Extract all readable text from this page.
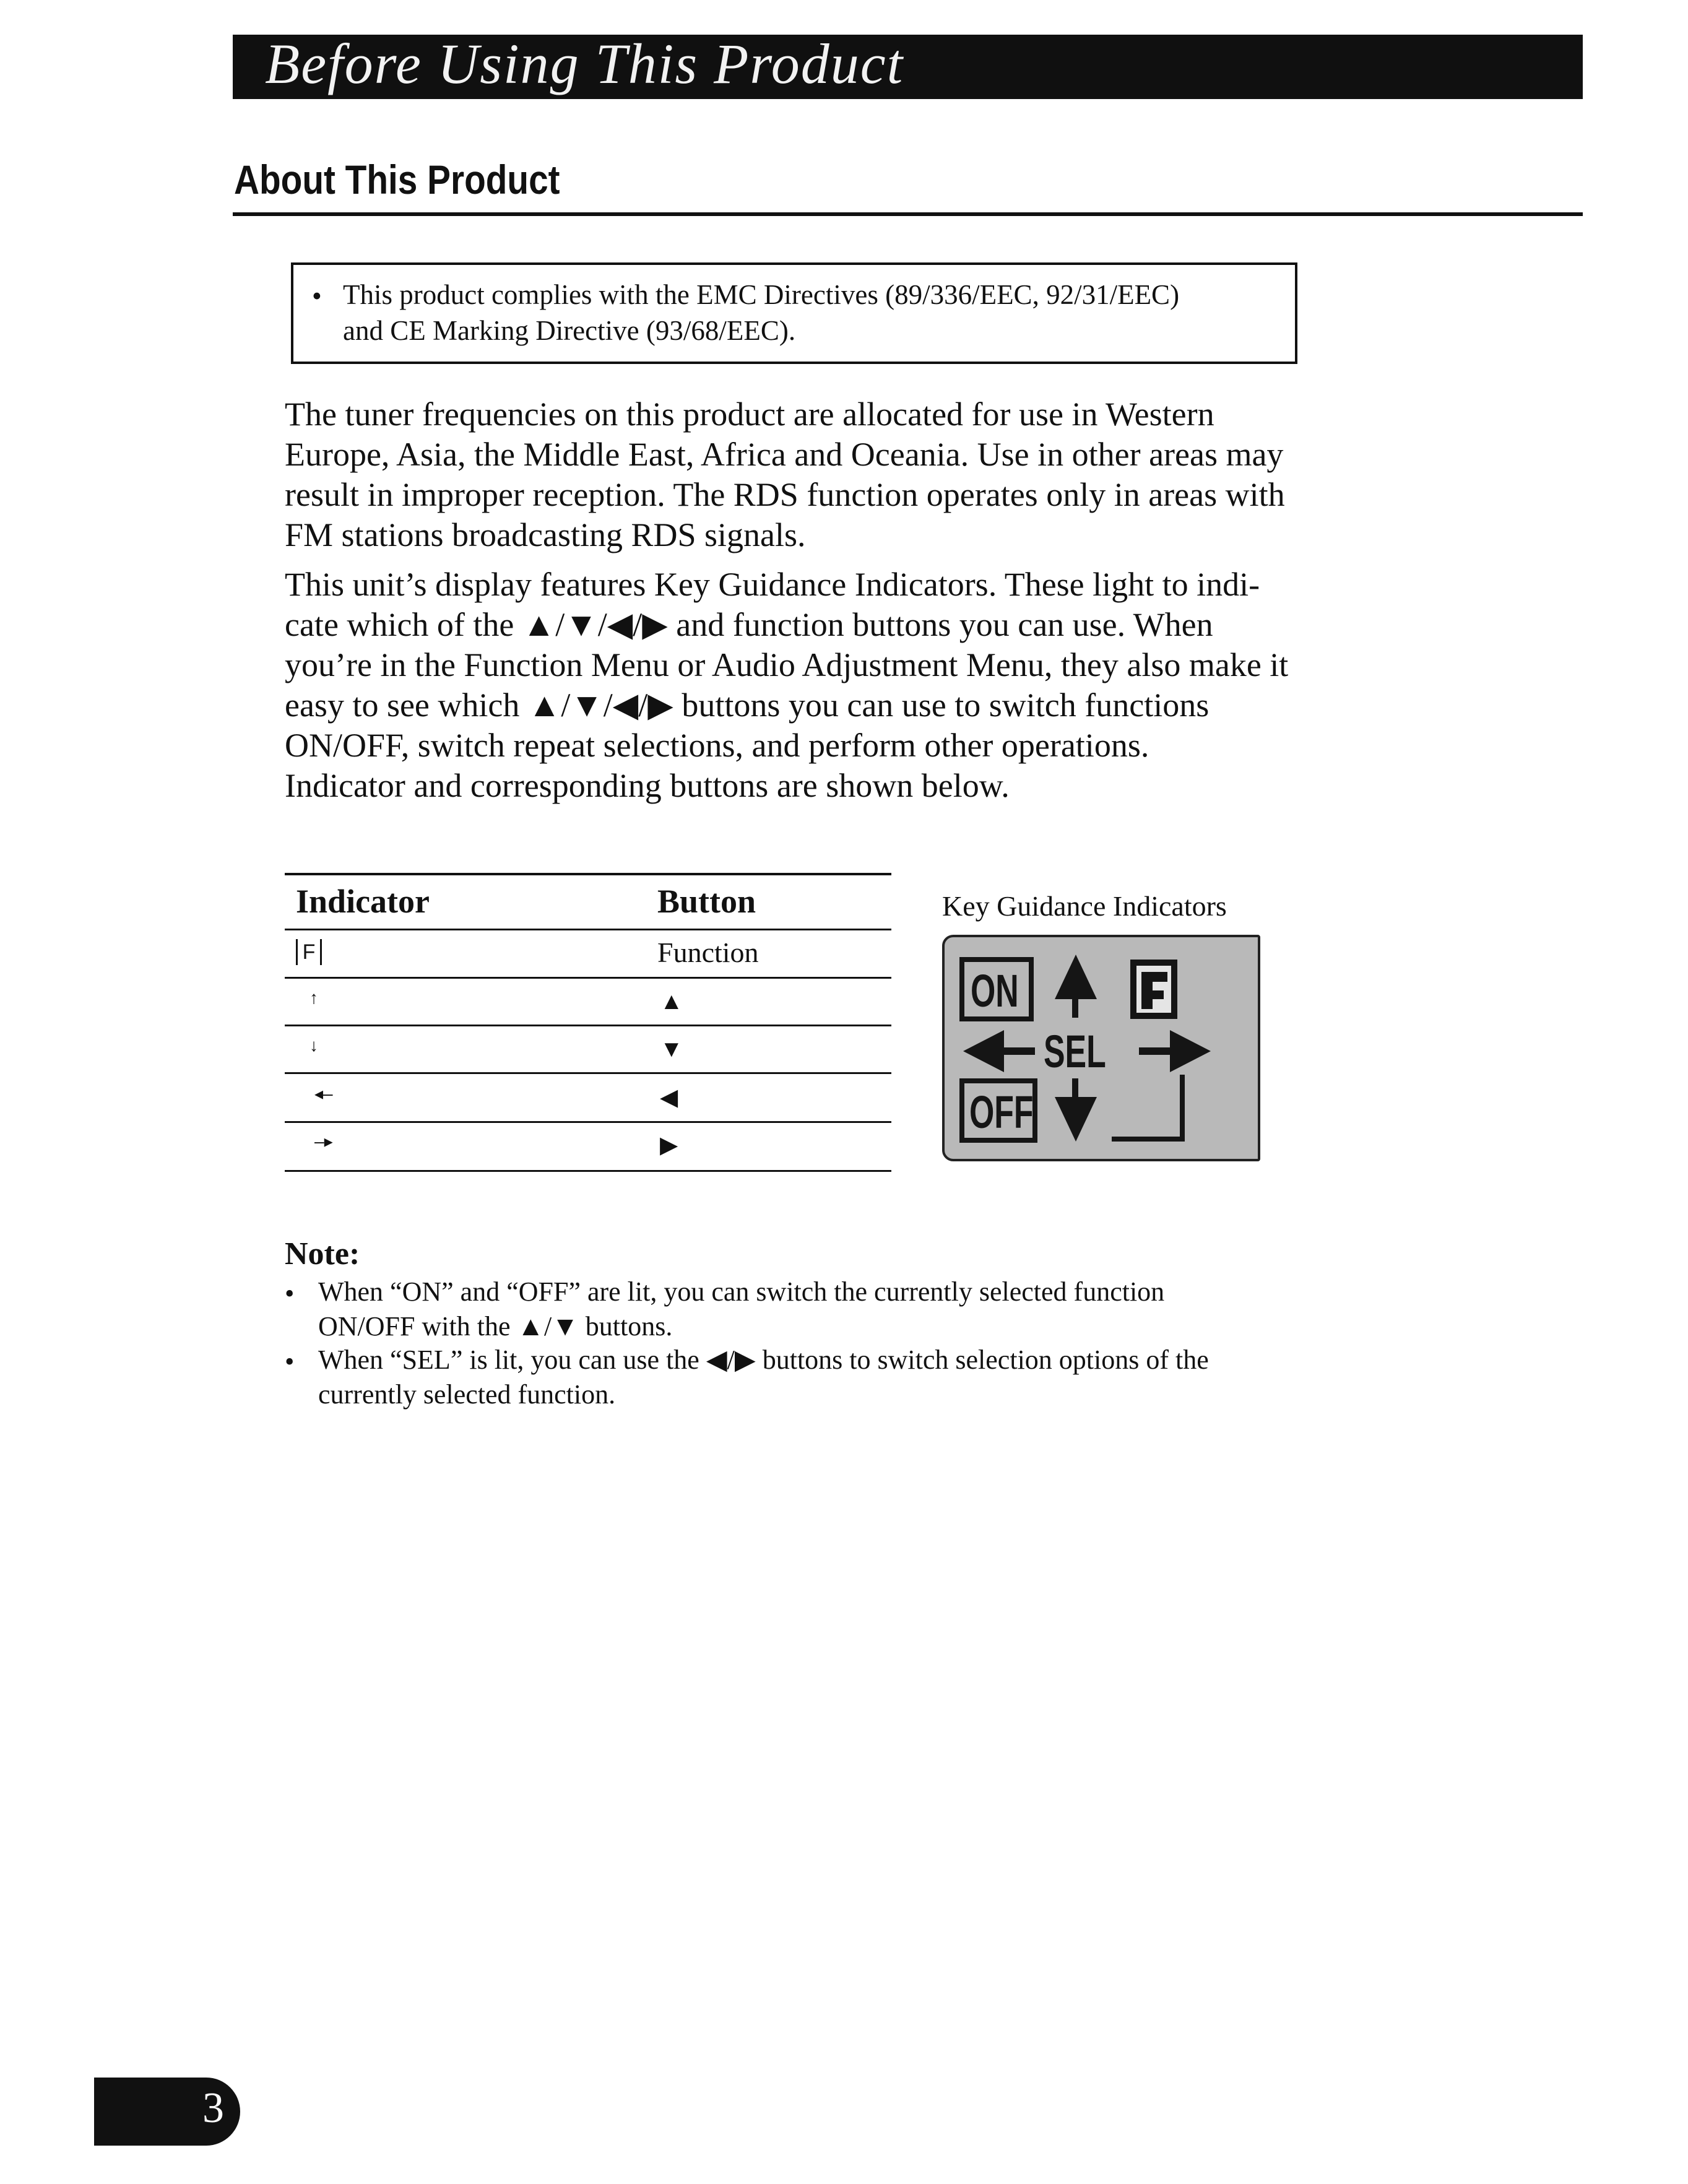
Before Using This Product
About This Product
• This product complies with the EMC Directives (89/336/EEC, 92/31/EEC)
and CE Marking Directive (93/68/EEC).
The tuner frequencies on this product are allocated for use in Western
Europe, Asia, the Middle East, Africa and Oceania. Use in other areas may
result in improper reception. The RDS function operates only in areas with
FM stations broadcasting RDS signals.
This unit’s display features Key Guidance Indicators. These light to indi-
cate which of the ▲/▼/◀/▶ and function buttons you can use. When
you’re in the Function Menu or Audio Adjustment Menu, they also make it
easy to see which ▲/▼/◀/▶ buttons you can use to switch functions
ON/OFF, switch repeat selections, and perform other operations.
Indicator and corresponding buttons are shown below.
Indicator	Button
F	Function
↑	▲
↓	▼
◂–	◀
–▸	▶
Key Guidance Indicators
ON
OFF
SEL
Note:
• When “ON” and “OFF” are lit, you can switch the currently selected function
ON/OFF with the ▲/▼ buttons.
• When “SEL” is lit, you can use the ◀/▶ buttons to switch selection options of the
currently selected function.
3
